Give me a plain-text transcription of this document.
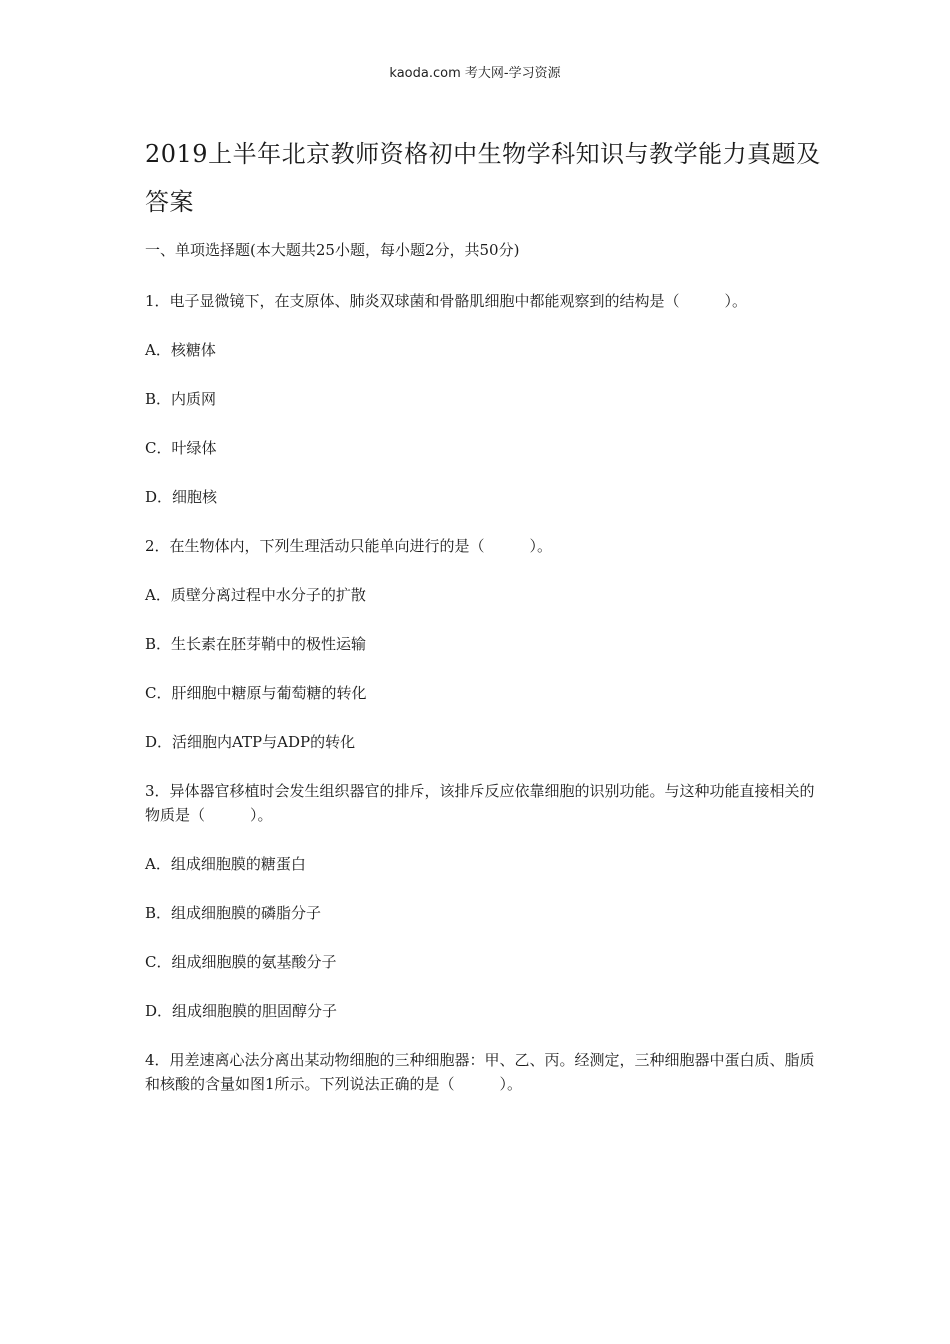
kaoda.com 考大网-学习资源
2019上半年北京教师资格初中生物学科知识与教学能力真题及答案

一、单项选择题(本大题共25小题，每小题2分，共50分)

1．电子显微镜下，在支原体、肺炎双球菌和骨骼肌细胞中都能观察到的结构是（　　　）。

A．核糖体

B．内质网

C．叶绿体

D．细胞核

2．在生物体内，下列生理活动只能单向进行的是（　　　）。

A．质壁分离过程中水分子的扩散

B．生长素在胚芽鞘中的极性运输

C．肝细胞中糖原与葡萄糖的转化

D．活细胞内ATP与ADP的转化

3．异体器官移植时会发生组织器官的排斥，该排斥反应依靠细胞的识别功能。与这种功能直接相关的物质是（　　　）。

A．组成细胞膜的糖蛋白

B．组成细胞膜的磷脂分子

C．组成细胞膜的氨基酸分子

D．组成细胞膜的胆固醇分子

4．用差速离心法分离出某动物细胞的三种细胞器：甲、乙、丙。经测定，三种细胞器中蛋白质、脂质和核酸的含量如图1所示。下列说法正确的是（　　　）。
